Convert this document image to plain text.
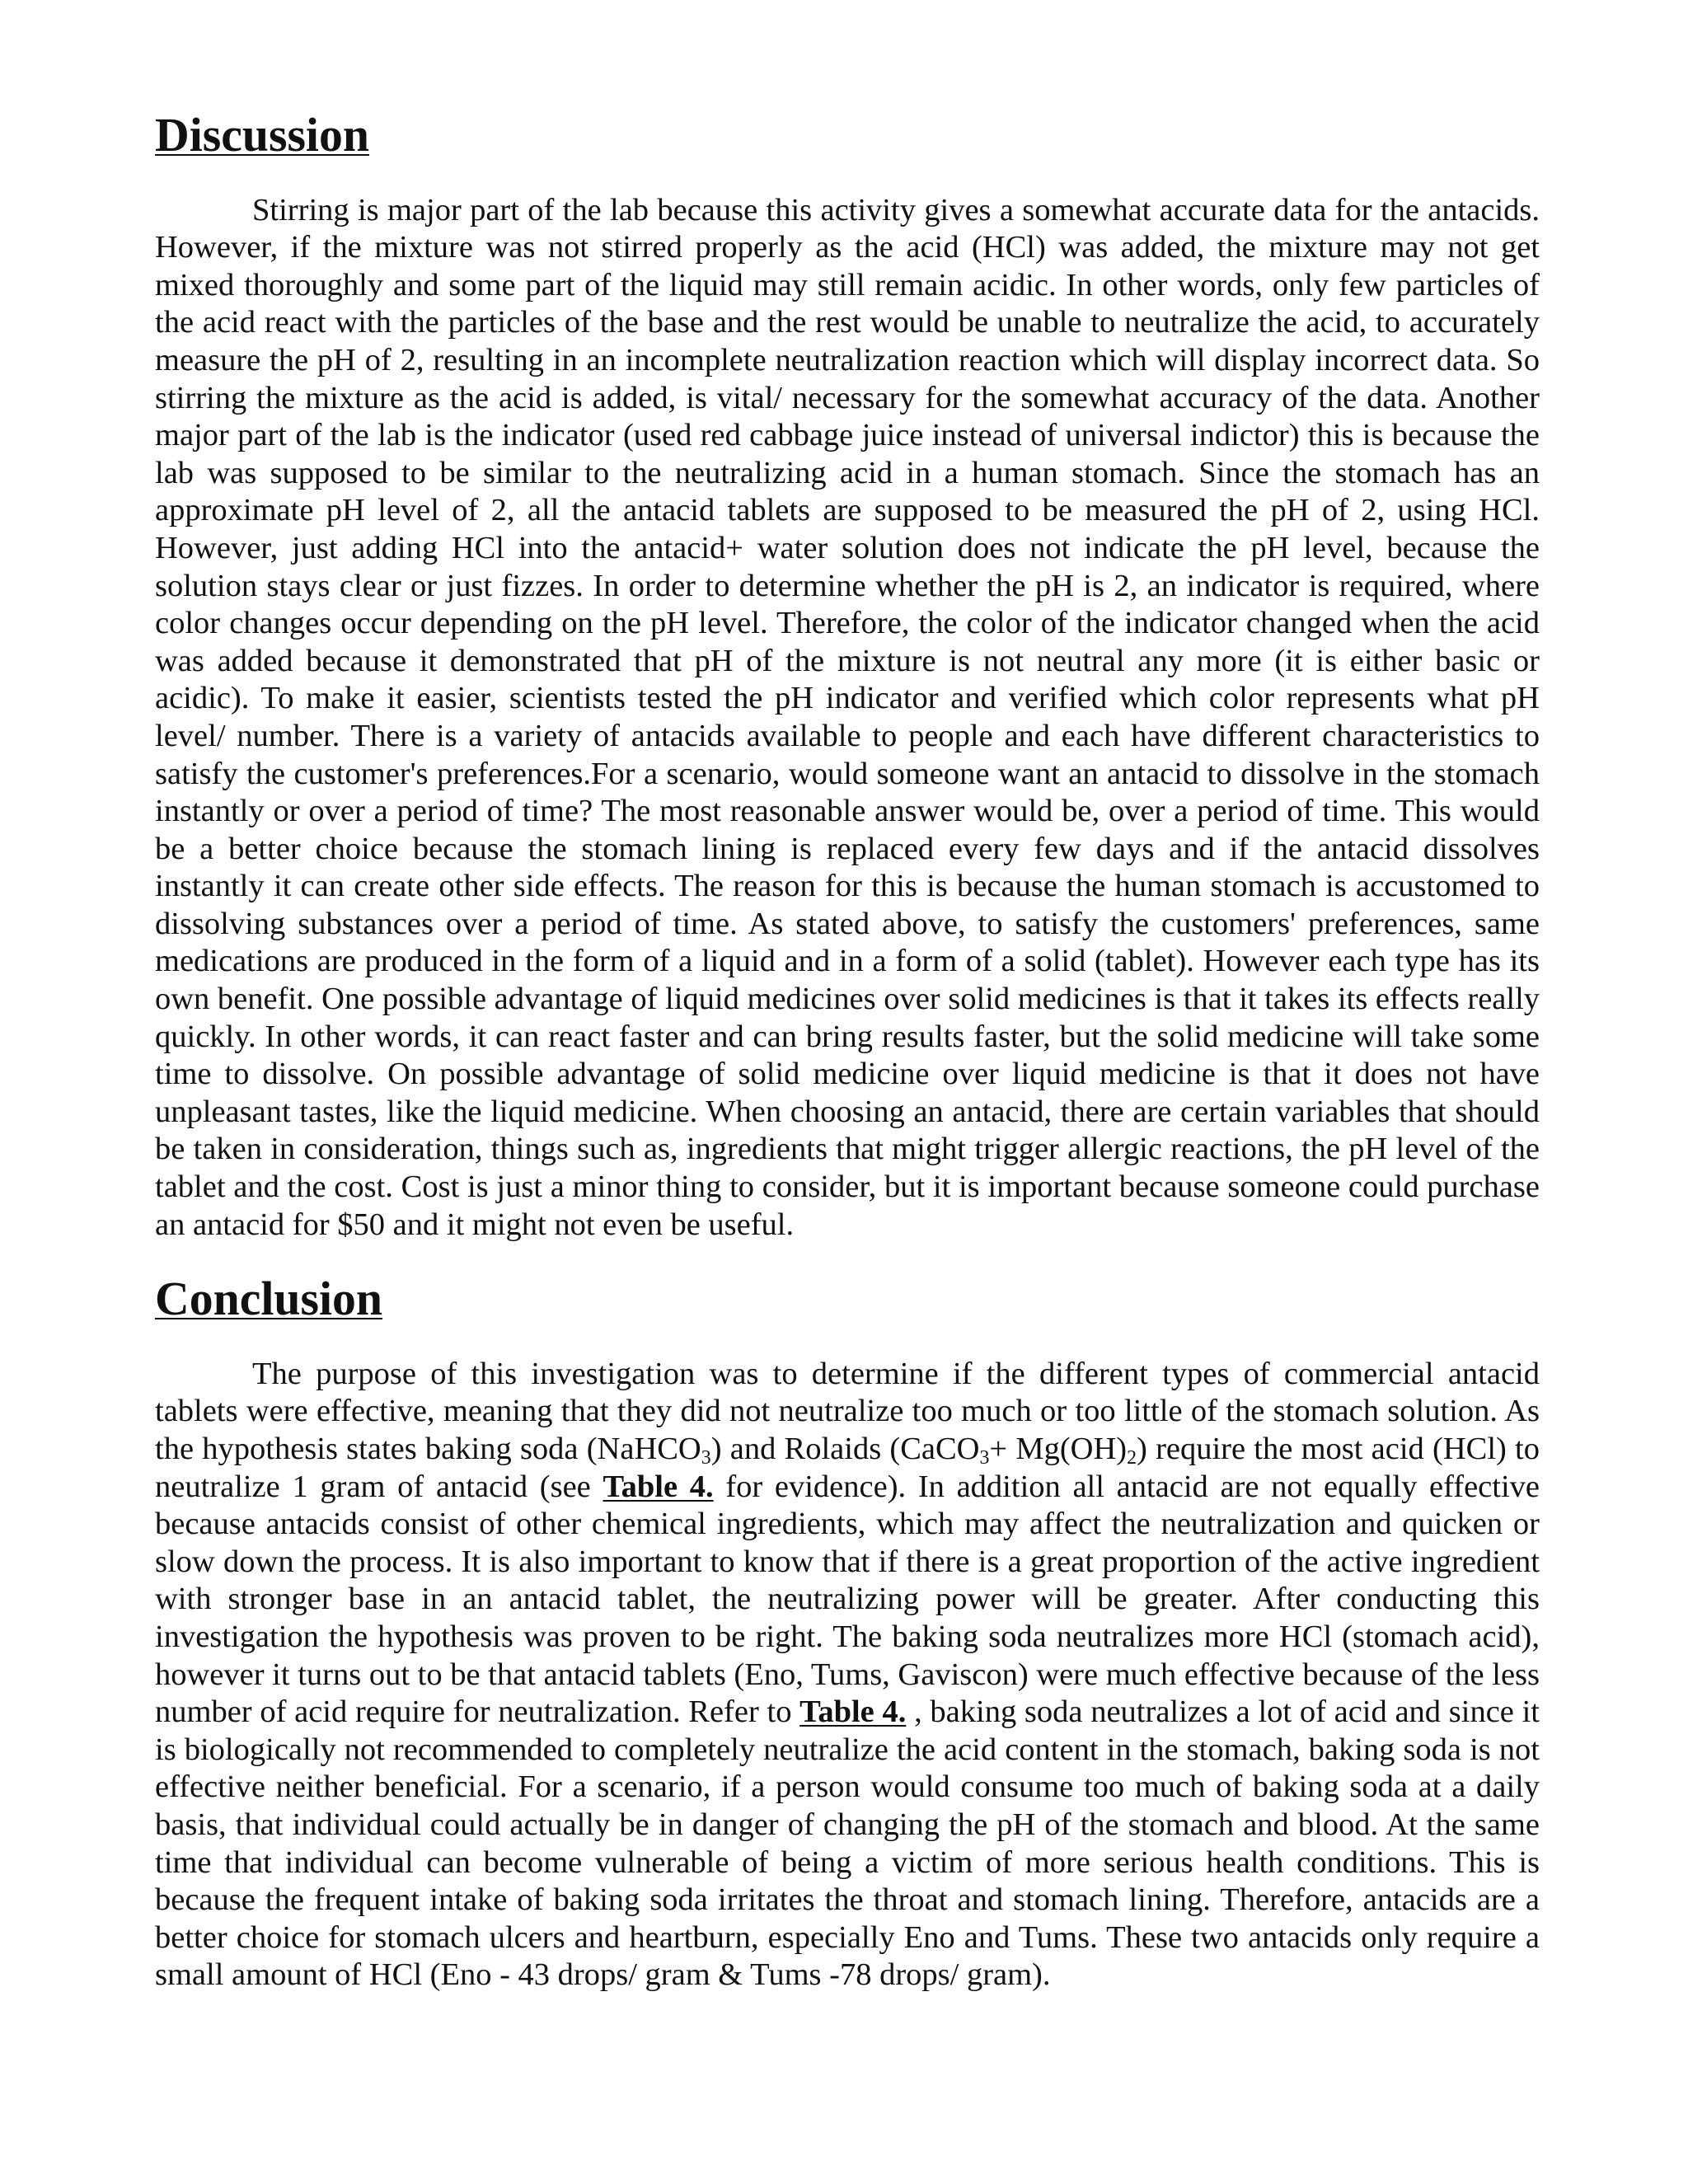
Discussion

Stirring is major part of the lab because this activity gives a somewhat accurate data for the antacids. However, if the mixture was not stirred properly as the acid (HCl) was added, the mixture may not get mixed thoroughly and some part of the liquid may still remain acidic. In other words, only few particles of the acid react with the particles of the base and the rest would be unable to neutralize the acid, to accurately measure the pH of 2, resulting in an incomplete neutralization reaction which will display incorrect data. So stirring the mixture as the acid is added, is vital/ necessary for the somewhat accuracy of the data. Another major part of the lab is the indicator (used red cabbage juice instead of universal indictor) this is because the lab was supposed to be similar to the neutralizing acid in a human stomach. Since the stomach has an approximate pH level of 2, all the antacid tablets are supposed to be measured the pH of 2, using HCl. However, just adding HCl into the antacid+ water solution does not indicate the pH level, because the solution stays clear or just fizzes. In order to determine whether the pH is 2, an indicator is required, where color changes occur depending on the pH level. Therefore, the color of the indicator changed when the acid was added because it demonstrated that pH of the mixture is not neutral any more (it is either basic or acidic). To make it easier, scientists tested the pH indicator and verified which color represents what pH level/ number. There is a variety of antacids available to people and each have different characteristics to satisfy the customer's preferences.For a scenario, would someone want an antacid to dissolve in the stomach instantly or over a period of time? The most reasonable answer would be, over a period of time. This would be a better choice because the stomach lining is replaced every few days and if the antacid dissolves instantly it can create other side effects. The reason for this is because the human stomach is accustomed to dissolving substances over a period of time. As stated above, to satisfy the customers' preferences, same medications are produced in the form of a liquid and in a form of a solid (tablet). However each type has its own benefit. One possible advantage of liquid medicines over solid medicines is that it takes its effects really quickly. In other words, it can react faster and can bring results faster, but the solid medicine will take some time to dissolve. On possible advantage of solid medicine over liquid medicine is that it does not have unpleasant tastes, like the liquid medicine. When choosing an antacid, there are certain variables that should be taken in consideration, things such as, ingredients that might trigger allergic reactions, the pH level of the tablet and the cost. Cost is just a minor thing to consider, but it is important because someone could purchase an antacid for $50 and it might not even be useful.

Conclusion

The purpose of this investigation was to determine if the different types of commercial antacid tablets were effective, meaning that they did not neutralize too much or too little of the stomach solution. As the hypothesis states baking soda (NaHCO$_3$) and Rolaids (CaCO$_3$+ $Mg(OH)_2$) require the most acid (HCl) to neutralize 1 gram of antacid (see Table 4. for evidence). In addition all antacid are not equally effective because antacids consist of other chemical ingredients, which may affect the neutralization and quicken or slow down the process. It is also important to know that if there is a great proportion of the active ingredient with stronger base in an antacid tablet, the neutralizing power will be greater. After conducting this investigation the hypothesis was proven to be right. The baking soda neutralizes more HCl (stomach acid), however it turns out to be that antacid tablets (Eno, Tums, Gaviscon) were much effective because of the less number of acid require for neutralization. Refer to Table 4. , baking soda neutralizes a lot of acid and since it is biologically not recommended to completely neutralize the acid content in the stomach, baking soda is not effective neither beneficial. For a scenario, if a person would consume too much of baking soda at a daily basis, that individual could actually be in danger of changing the pH of the stomach and blood. At the same time that individual can become vulnerable of being a victim of more serious health conditions. This is because the frequent intake of baking soda irritates the throat and stomach lining. Therefore, antacids are a better choice for stomach ulcers and heartburn, especially Eno and Tums. These two antacids only require a small amount of HCl (Eno - 43 drops/ gram & Tums -78 drops/ gram).
